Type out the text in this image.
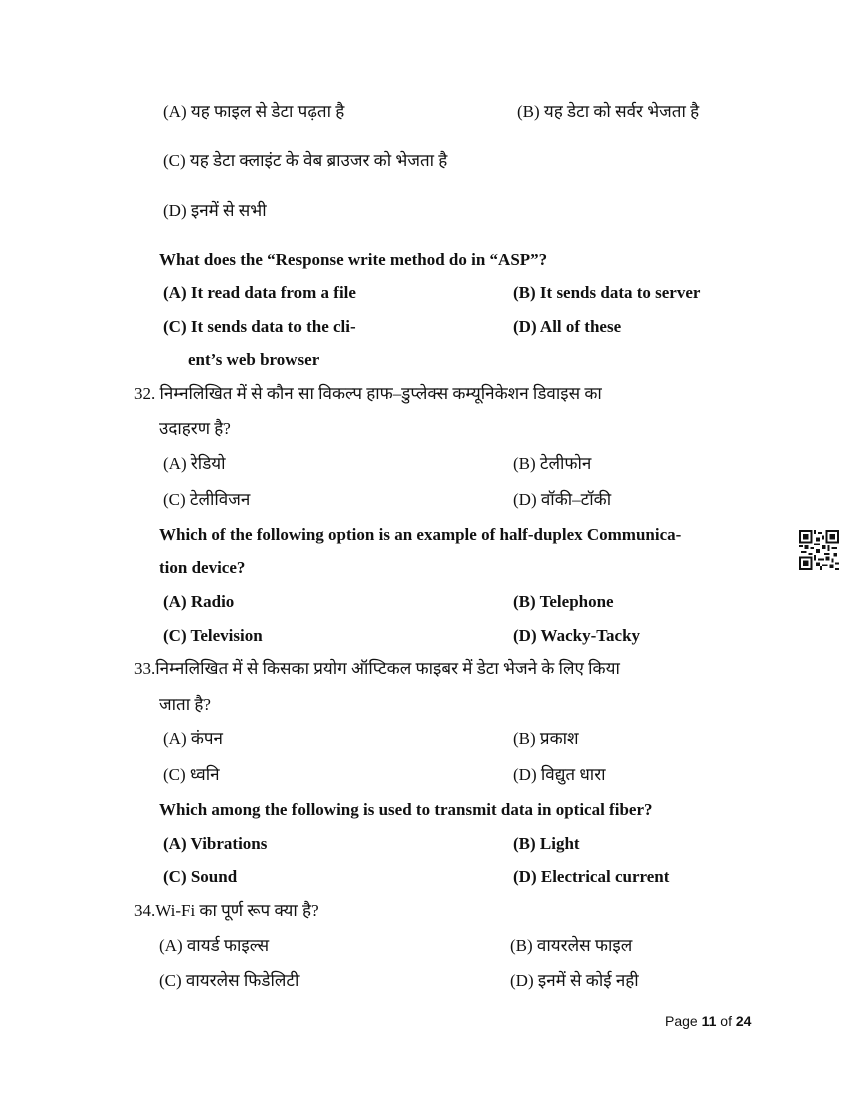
(A) यह फाइल से डेटा पढ़ता है	(B) यह डेटा को सर्वर भेजता है
(C) यह डेटा क्लाइंट के वेब ब्राउजर को भेजता है
(D) इनमें से सभी
What does the “Response write method do in “ASP”?
(A) It read data from a file	(B) It sends data to server
(C) It sends data to the cli-
ent’s web browser
(D) All of these
32. निम्नलिखित में से कौन सा विकल्प हाफ–डुप्लेक्स कम्यूनिकेशन डिवाइस का
उदाहरण है?
(A) रेडियो	(B) टेलीफोन
(C) टेलीविजन	(D) वॉकी–टॉकी
Which of the following option is an example of half-duplex Communica-
tion device?
(A) Radio	(B) Telephone
(C) Television	(D) Wacky-Tacky
33.निम्नलिखित में से किसका प्रयोग ऑप्टिकल फाइबर में डेटा भेजने के लिए किया
जाता है?
(A) कंपन	(B) प्रकाश
(C) ध्वनि	(D) विद्युत धारा
Which among the following is used to transmit data in optical fiber?
(A) Vibrations	(B) Light
(C) Sound	(D) Electrical current
34.Wi-Fi का पूर्ण रूप क्या है?
(A) वायर्ड फाइल्स	(B) वायरलेस फाइल
(C) वायरलेस फिडेलिटी	(D) इनमें से कोई नही
Page 11 of 24
